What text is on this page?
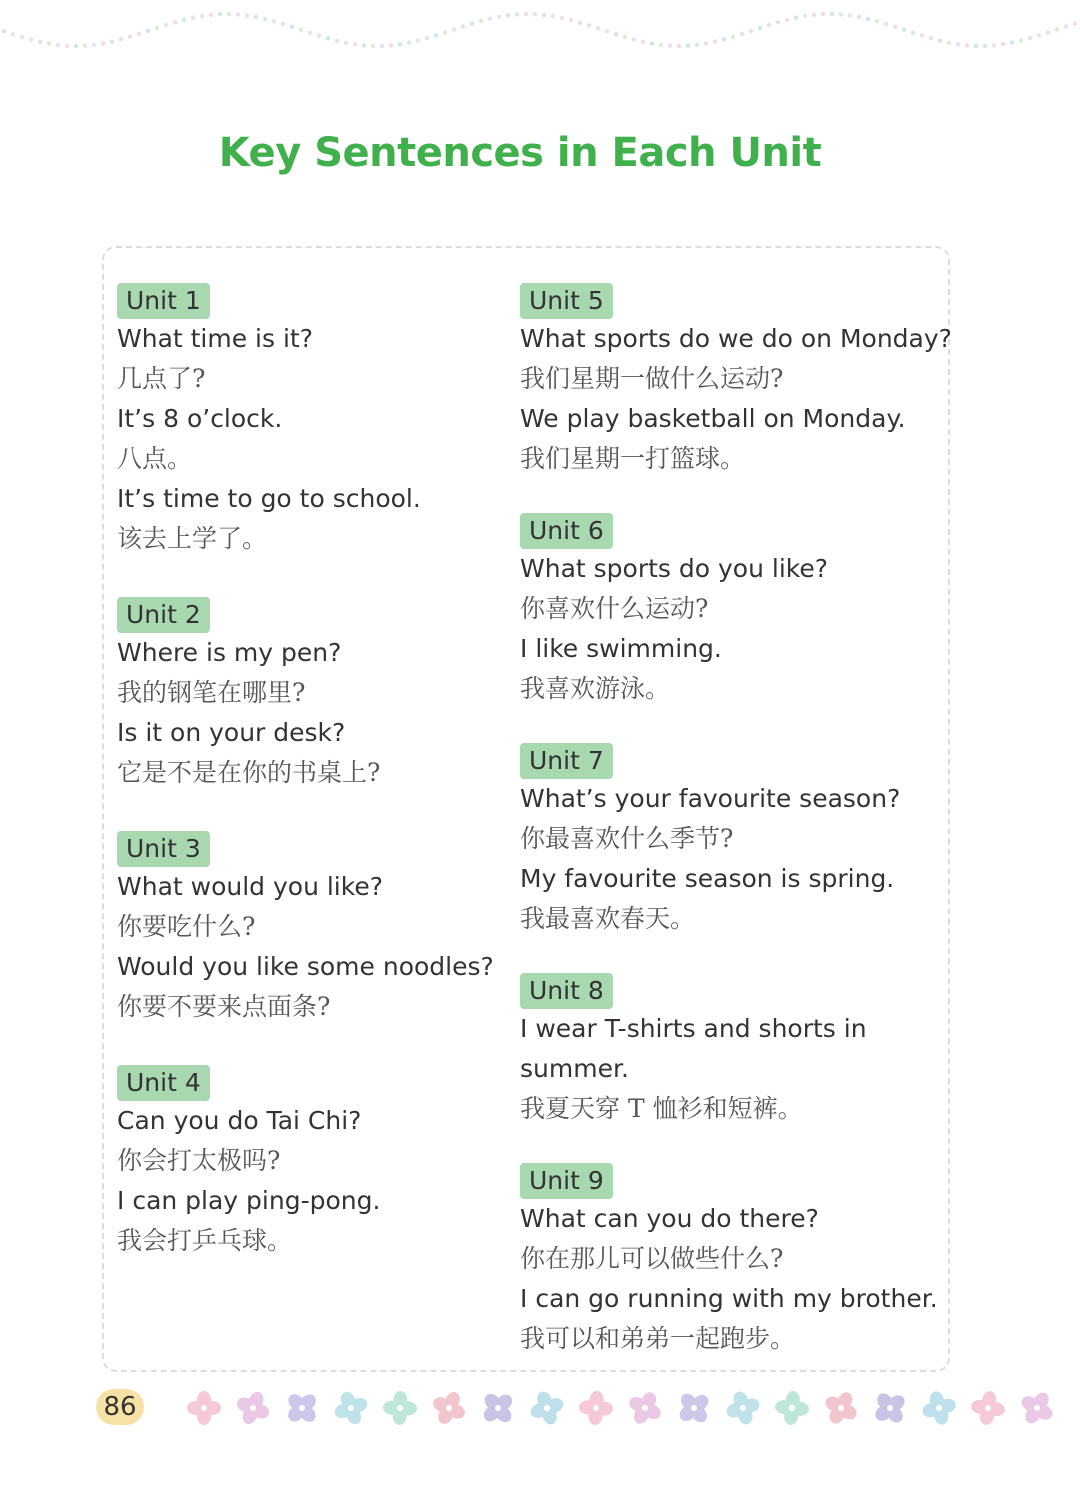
Key Sentences in Each Unit
Unit 1
What time is it?
几点了?
It’s 8 o’clock.
八点。
It’s time to go to school.
该去上学了。
Unit 2
Where is my pen?
我的钢笔在哪里?
Is it on your desk?
它是不是在你的书桌上?
Unit 3
What would you like?
你要吃什么?
Would you like some noodles?
你要不要来点面条?
Unit 4
Can you do Tai Chi?
你会打太极吗?
I can play ping-pong.
我会打乒乓球。
Unit 5
What sports do we do on Monday?
我们星期一做什么运动?
We play basketball on Monday.
我们星期一打篮球。
Unit 6
What sports do you like?
你喜欢什么运动?
I like swimming.
我喜欢游泳。
Unit 7
What’s your favourite season?
你最喜欢什么季节?
My favourite season is spring.
我最喜欢春天。
Unit 8
I wear T-shirts and shorts in
summer.
我夏天穿 T 恤衫和短裤。
Unit 9
What can you do there?
你在那儿可以做些什么?
I can go running with my brother.
我可以和弟弟一起跑步。
86
